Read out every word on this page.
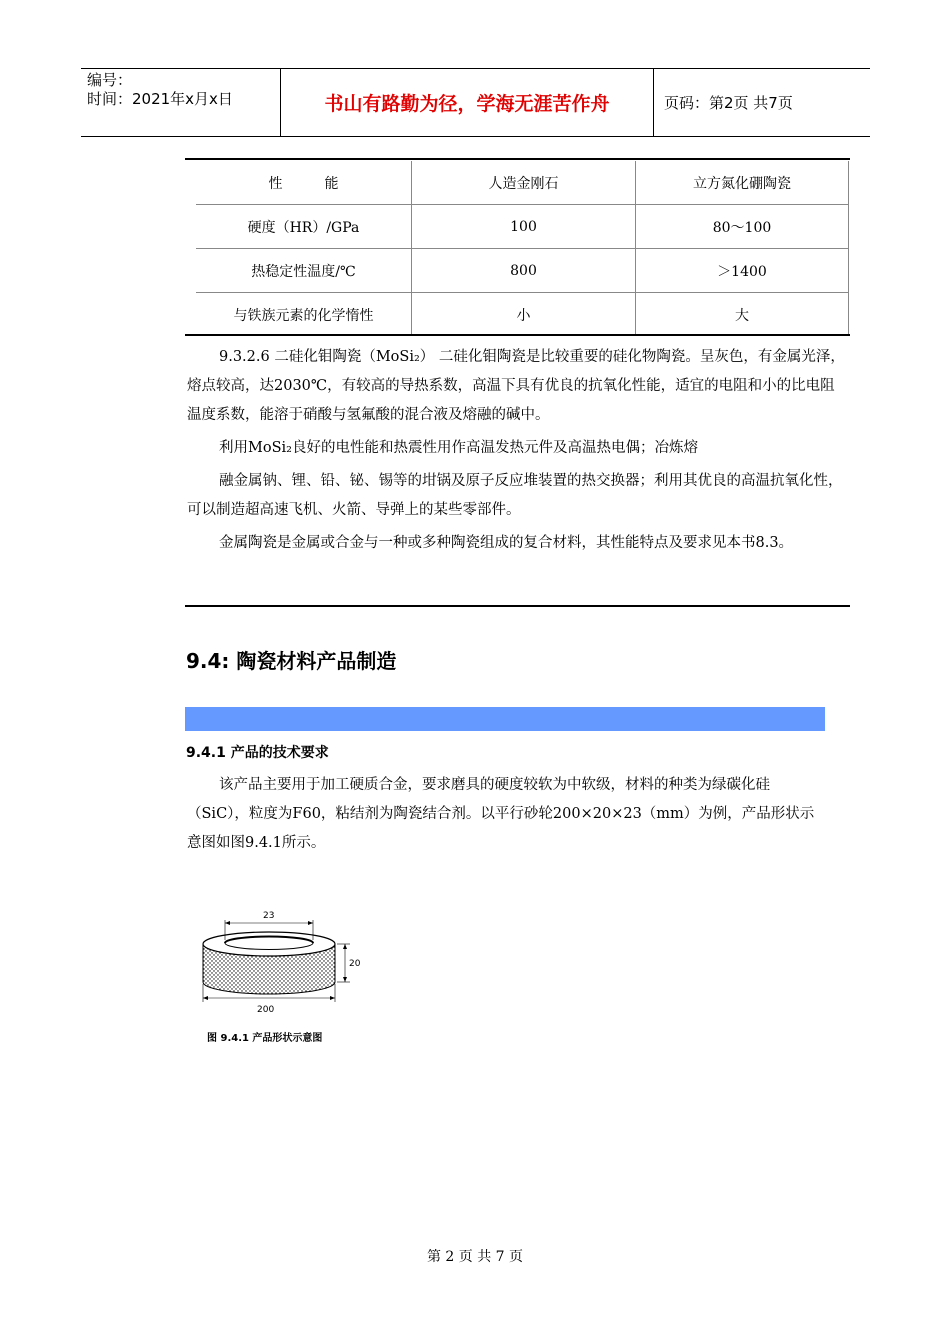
编号：
时间：2021年x月x日	书山有路勤为径，学海无涯苦作舟	页码：第2页 共7页
性　　　能	人造金刚石	立方氮化硼陶瓷
硬度（HR）/GPa	100	80～100
热稳定性温度/℃	800	＞1400
与铁族元素的化学惰性	小	大

9.3.2.6 二硅化钼陶瓷（MoSi₂） 二硅化钼陶瓷是比较重要的硅化物陶瓷。呈灰色，有金属光泽，熔点较高，达2030℃，有较高的导热系数，高温下具有优良的抗氧化性能，适宜的电阻和小的比电阻温度系数，能溶于硝酸与氢氟酸的混合液及熔融的碱中。

利用MoSi₂良好的电性能和热震性用作高温发热元件及高温热电偶；冶炼熔

融金属钠、锂、铅、铋、锡等的坩锅及原子反应堆装置的热交换器；利用其优良的高温抗氧化性，可以制造超高速飞机、火箭、导弹上的某些零部件。

金属陶瓷是金属或合金与一种或多种陶瓷组成的复合材料，其性能特点及要求见本书8.3。

9.4: 陶瓷材料产品制造
9.4.1 产品的技术要求

该产品主要用于加工硬质合金，要求磨具的硬度较软为中软级，材料的种类为绿碳化硅（SiC），粒度为F60，粘结剂为陶瓷结合剂。以平行砂轮200×20×23（mm）为例，产品形状示意图如图9.4.1所示。

23
20
200
图 9.4.1 产品形状示意图
第 2 页 共 7 页
